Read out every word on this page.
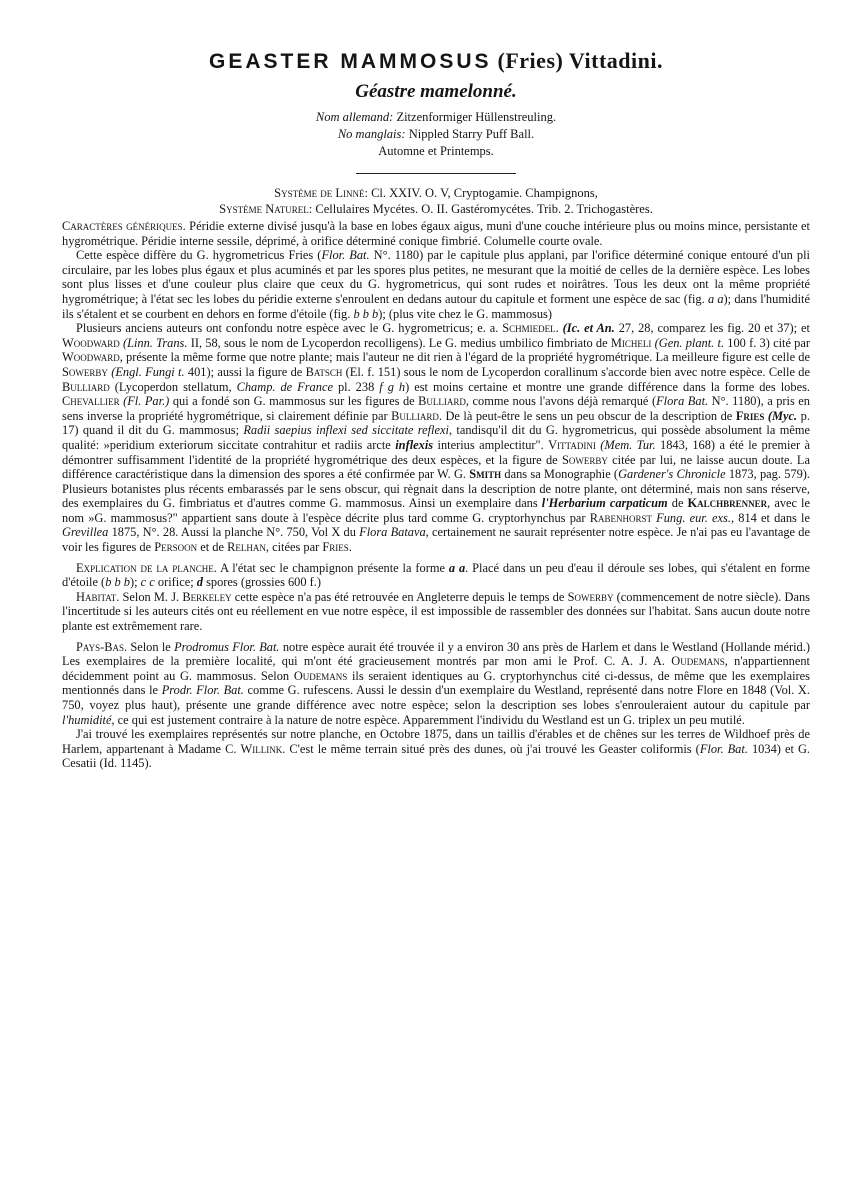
GEASTER MAMMOSUS (Fries) Vittadini.
Géastre mamelonné.
Nom allemand: Zitzenformiger Hüllenstreuling.
No manglais: Nippled Starry Puff Ball.
Automne et Printemps.
Système de Linné: Cl. XXIV. O. V, Cryptogamie. Champignons,
Système Naturel: Cellulaires Mycétes. O. II. Gastéromycétes. Trib. 2. Trichogastères.

Caractères génériques. Péridie externe divisé jusqu'à la base en lobes égaux aigus, muni d'une couche intérieure plus ou moins mince, persistante et hygrométrique. Péridie interne sessile, déprimé, à orifice déterminé conique fimbrié. Columelle courte ovale.

Cette espèce diffère du G. hygrometricus Fries (Flor. Bat. N°. 1180) par le capitule plus applani, par l'orifice déterminé conique entouré d'un pli circulaire, par les lobes plus égaux et plus acuminés et par les spores plus petites, ne mesurant que la moitié de celles de la dernière espèce. Les lobes sont plus lisses et d'une couleur plus claire que ceux du G. hygrometricus, qui sont rudes et noirâtres. Tous les deux ont la même propriété hygrométrique; à l'état sec les lobes du péridie externe s'enroulent en dedans autour du capitule et forment une espèce de sac (fig. a a); dans l'humidité ils s'étalent et se courbent en dehors en forme d'étoile (fig. b b b); (plus vite chez le G. mammosus)

Plusieurs anciens auteurs ont confondu notre espèce avec le G. hygrometricus; e. a. Schmiedel. (Ic. et An. 27, 28, comparez les fig. 20 et 37); et Woodward (Linn. Trans. II, 58, sous le nom de Lycoperdon recolligens). Le G. medius umbilico fimbriato de Micheli (Gen. plant. t. 100 f. 3) cité par Woodward, présente la même forme que notre plante; mais l'auteur ne dit rien à l'égard de la propriété hygrométrique. La meilleure figure est celle de Sowerby (Engl. Fungi t. 401); aussi la figure de Batsch (El. f. 151) sous le nom de Lycoperdon corallinum s'accorde bien avec notre espèce. Celle de Bulliard (Lycoperdon stellatum, Champ. de France pl. 238 f g h) est moins certaine et montre une grande différence dans la forme des lobes. Chevallier (Fl. Par.) qui a fondé son G. mammosus sur les figures de Bulliard, comme nous l'avons déjà remarqué (Flora Bat. N°. 1180), a pris en sens inverse la propriété hygrométrique, si clairement définie par Bulliard. De là peut-être le sens un peu obscur de la description de Fries (Myc. p. 17) quand il dit du G. mammosus; Radii saepius inflexi sed siccitate reflexi, tandisqu'il dit du G. hygrometricus, qui possède absolument la même qualité: »peridium exteriorum siccitate contrahitur et radiis arcte inflexis interius amplectitur". Vittadini (Mem. Tur. 1843, 168) a été le premier à démontrer suffisamment l'identité de la propriété hygrométrique des deux espèces, et la figure de Sowerby citée par lui, ne laisse aucun doute. La différence caractéristique dans la dimension des spores a été confirmée par W. G. Smith dans sa Monographie (Gardener's Chronicle 1873, pag. 579). Plusieurs botanistes plus récents embarassés par le sens obscur, qui règnait dans la description de notre plante, ont déterminé, mais non sans réserve, des exemplaires du G. fimbriatus et d'autres comme G. mammosus. Ainsi un exemplaire dans l'Herbarium carpaticum de Kalchbrenner, avec le nom »G. mammosus?" appartient sans doute à l'espèce décrite plus tard comme G. cryptorhynchus par Rabenhorst Fung. eur. exs., 814 et dans le Grevillea 1875, N°. 28. Aussi la planche N°. 750, Vol X du Flora Batava, certainement ne saurait représenter notre espèce. Je n'ai pas eu l'avantage de voir les figures de Persoon et de Relhan, citées par Fries.

Explication de la planche. A l'état sec le champignon présente la forme a a. Placé dans un peu d'eau il déroule ses lobes, qui s'étalent en forme d'étoile (b b b); c c orifice; d spores (grossies 600 f.)

Habitat. Selon M. J. Berkeley cette espèce n'a pas été retrouvée en Angleterre depuis le temps de Sowerby (commencement de notre siècle). Dans l'incertitude si les auteurs cités ont eu réellement en vue notre espèce, il est impossible de rassembler des données sur l'habitat. Sans aucun doute notre plante est extrêmement rare.

Pays-Bas. Selon le Prodromus Flor. Bat. notre espèce aurait été trouvée il y a environ 30 ans près de Harlem et dans le Westland (Hollande mérid.) Les exemplaires de la première localité, qui m'ont été gracieusement montrés par mon ami le Prof. C. A. J. A. Oudemans, n'appartiennent décidemment point au G. mammosus. Selon Oudemans ils seraient identiques au G. cryptorhynchus cité ci-dessus, de même que les exemplaires mentionnés dans le Prodr. Flor. Bat. comme G. rufescens. Aussi le dessin d'un exemplaire du Westland, représenté dans notre Flore en 1848 (Vol. X. 750, voyez plus haut), présente une grande différence avec notre espèce; selon la description ses lobes s'enrouleraient autour du capitule par l'humidité, ce qui est justement contraire à la nature de notre espèce. Apparemment l'individu du Westland est un G. triplex un peu mutilé.

J'ai trouvé les exemplaires représentés sur notre planche, en Octobre 1875, dans un taillis d'érables et de chênes sur les terres de Wildhoef près de Harlem, appartenant à Madame C. Willink. C'est le même terrain situé près des dunes, où j'ai trouvé les Geaster coliformis (Flor. Bat. 1034) et G. Cesatii (Id. 1145).
